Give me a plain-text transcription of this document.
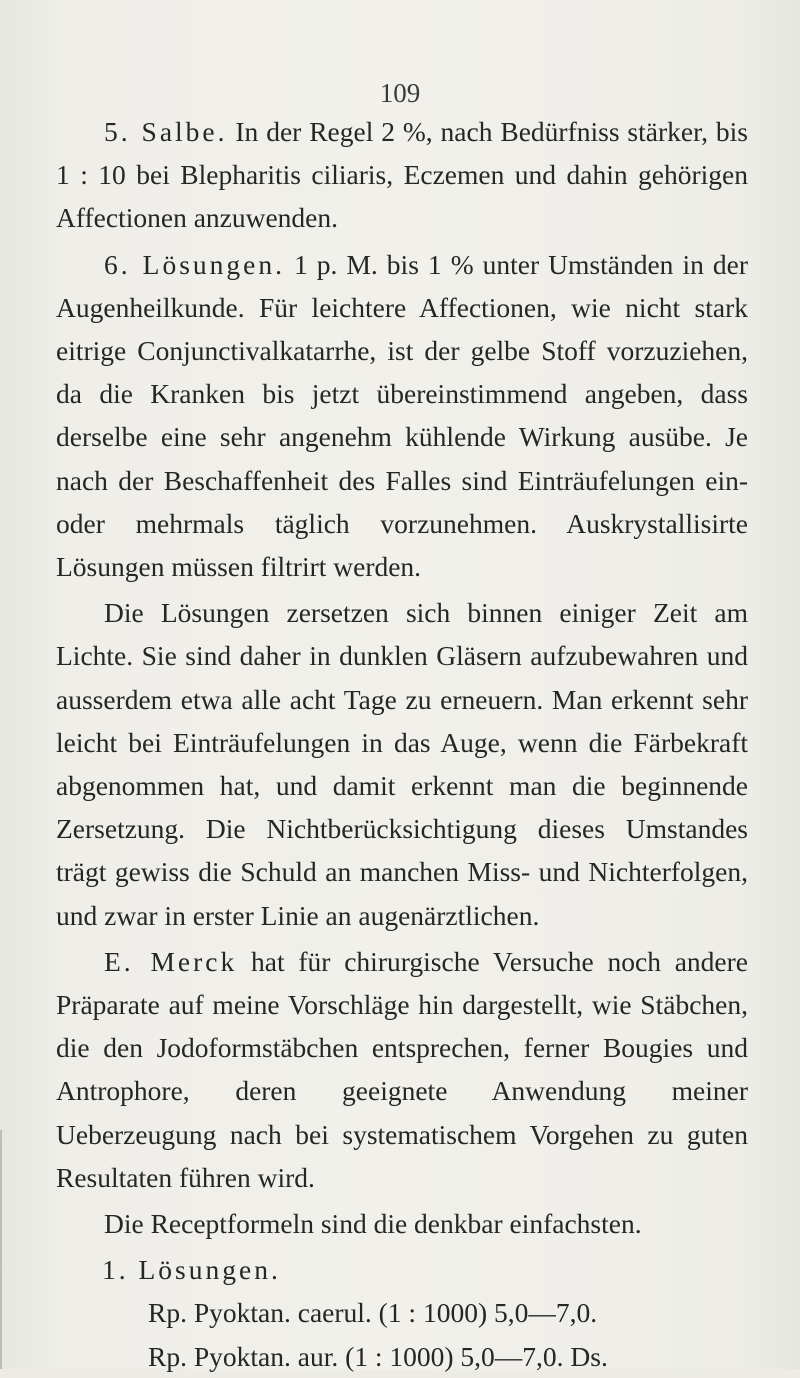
109

5. Salbe. In der Regel 2 %, nach Bedürfniss stärker, bis 1 : 10 bei Blepharitis ciliaris, Eczemen und dahin gehörigen Affectionen anzuwenden.

6. Lösungen. 1 p. M. bis 1 % unter Umständen in der Augenheilkunde. Für leichtere Affectionen, wie nicht stark eitrige Conjunctivalkatarrhe, ist der gelbe Stoff vorzuziehen, da die Kranken bis jetzt übereinstimmend angeben, dass derselbe eine sehr angenehm kühlende Wirkung ausübe. Je nach der Beschaffenheit des Falles sind Einträufelungen ein- oder mehrmals täglich vorzunehmen. Auskrystallisirte Lösungen müssen filtrirt werden.

Die Lösungen zersetzen sich binnen einiger Zeit am Lichte. Sie sind daher in dunklen Gläsern aufzubewahren und ausserdem etwa alle acht Tage zu erneuern. Man erkennt sehr leicht bei Einträufelungen in das Auge, wenn die Färbekraft abgenommen hat, und damit erkennt man die beginnende Zersetzung. Die Nichtberücksichtigung dieses Umstandes trägt gewiss die Schuld an manchen Miss- und Nichterfolgen, und zwar in erster Linie an augenärztlichen.

E. Merck hat für chirurgische Versuche noch andere Präparate auf meine Vorschläge hin dargestellt, wie Stäbchen, die den Jodoformstäbchen entsprechen, ferner Bougies und Antrophore, deren geeignete Anwendung meiner Ueberzeugung nach bei systematischem Vorgehen zu guten Resultaten führen wird.

Die Receptformeln sind die denkbar einfachsten.

1. Lösungen.

Rp. Pyoktan. caerul. (1 : 1000) 5,0—7,0.

Rp. Pyoktan. aur. (1 : 1000) 5,0—7,0. Ds.
